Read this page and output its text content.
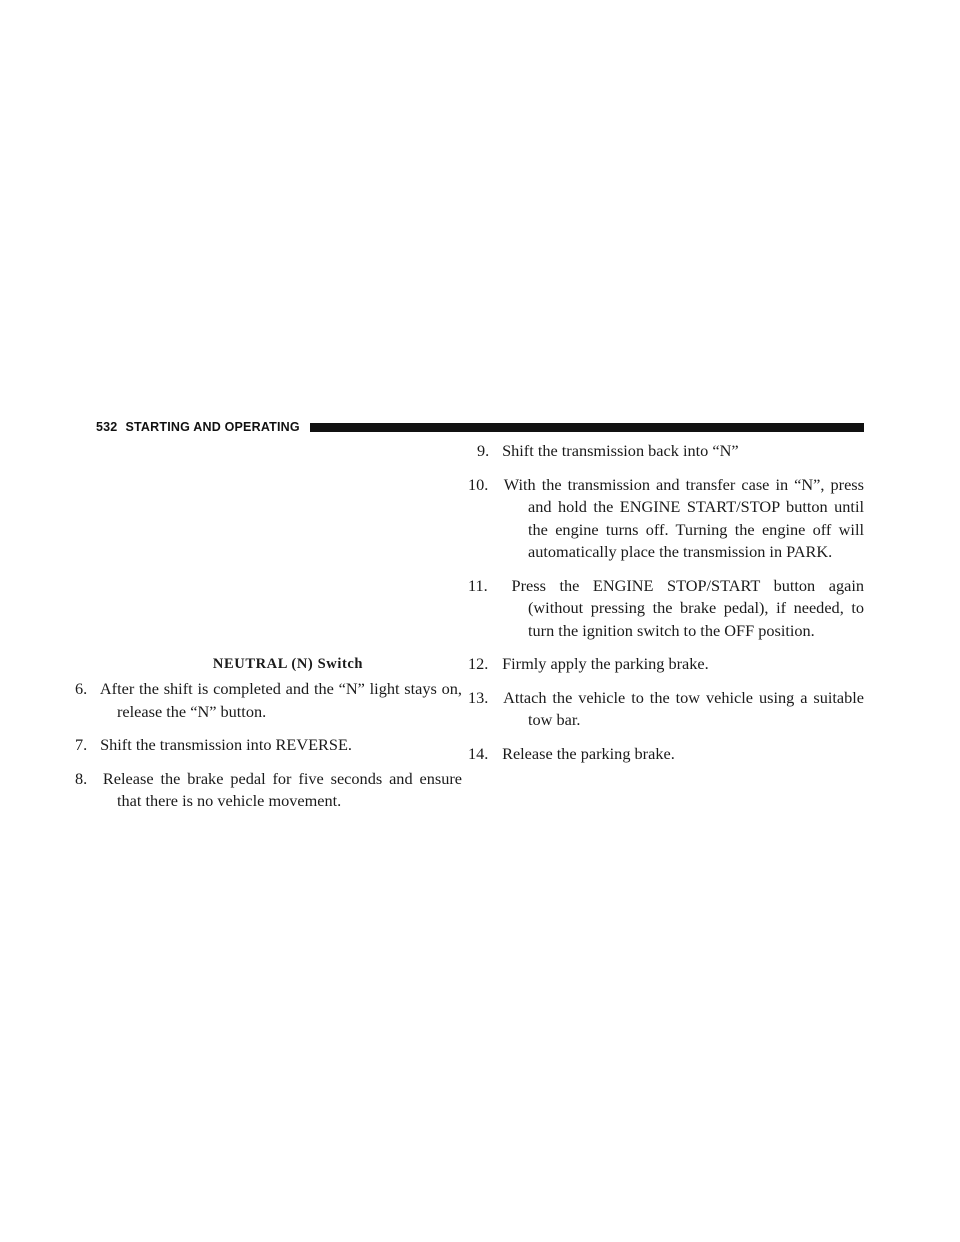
532 STARTING AND OPERATING
NEUTRAL (N) Switch

6. After the shift is completed and the “N” light stays on, release the “N” button.

7. Shift the transmission into REVERSE.

8. Release the brake pedal for five seconds and ensure that there is no vehicle movement.

9. Shift the transmission back into “N”

10. With the transmission and transfer case in “N”, press and hold the ENGINE START/STOP button until the engine turns off. Turning the engine off will automatically place the transmission in PARK.

11. Press the ENGINE STOP/START button again (without pressing the brake pedal), if needed, to turn the ignition switch to the OFF position.

12. Firmly apply the parking brake.

13. Attach the vehicle to the tow vehicle using a suitable tow bar.

14. Release the parking brake.
